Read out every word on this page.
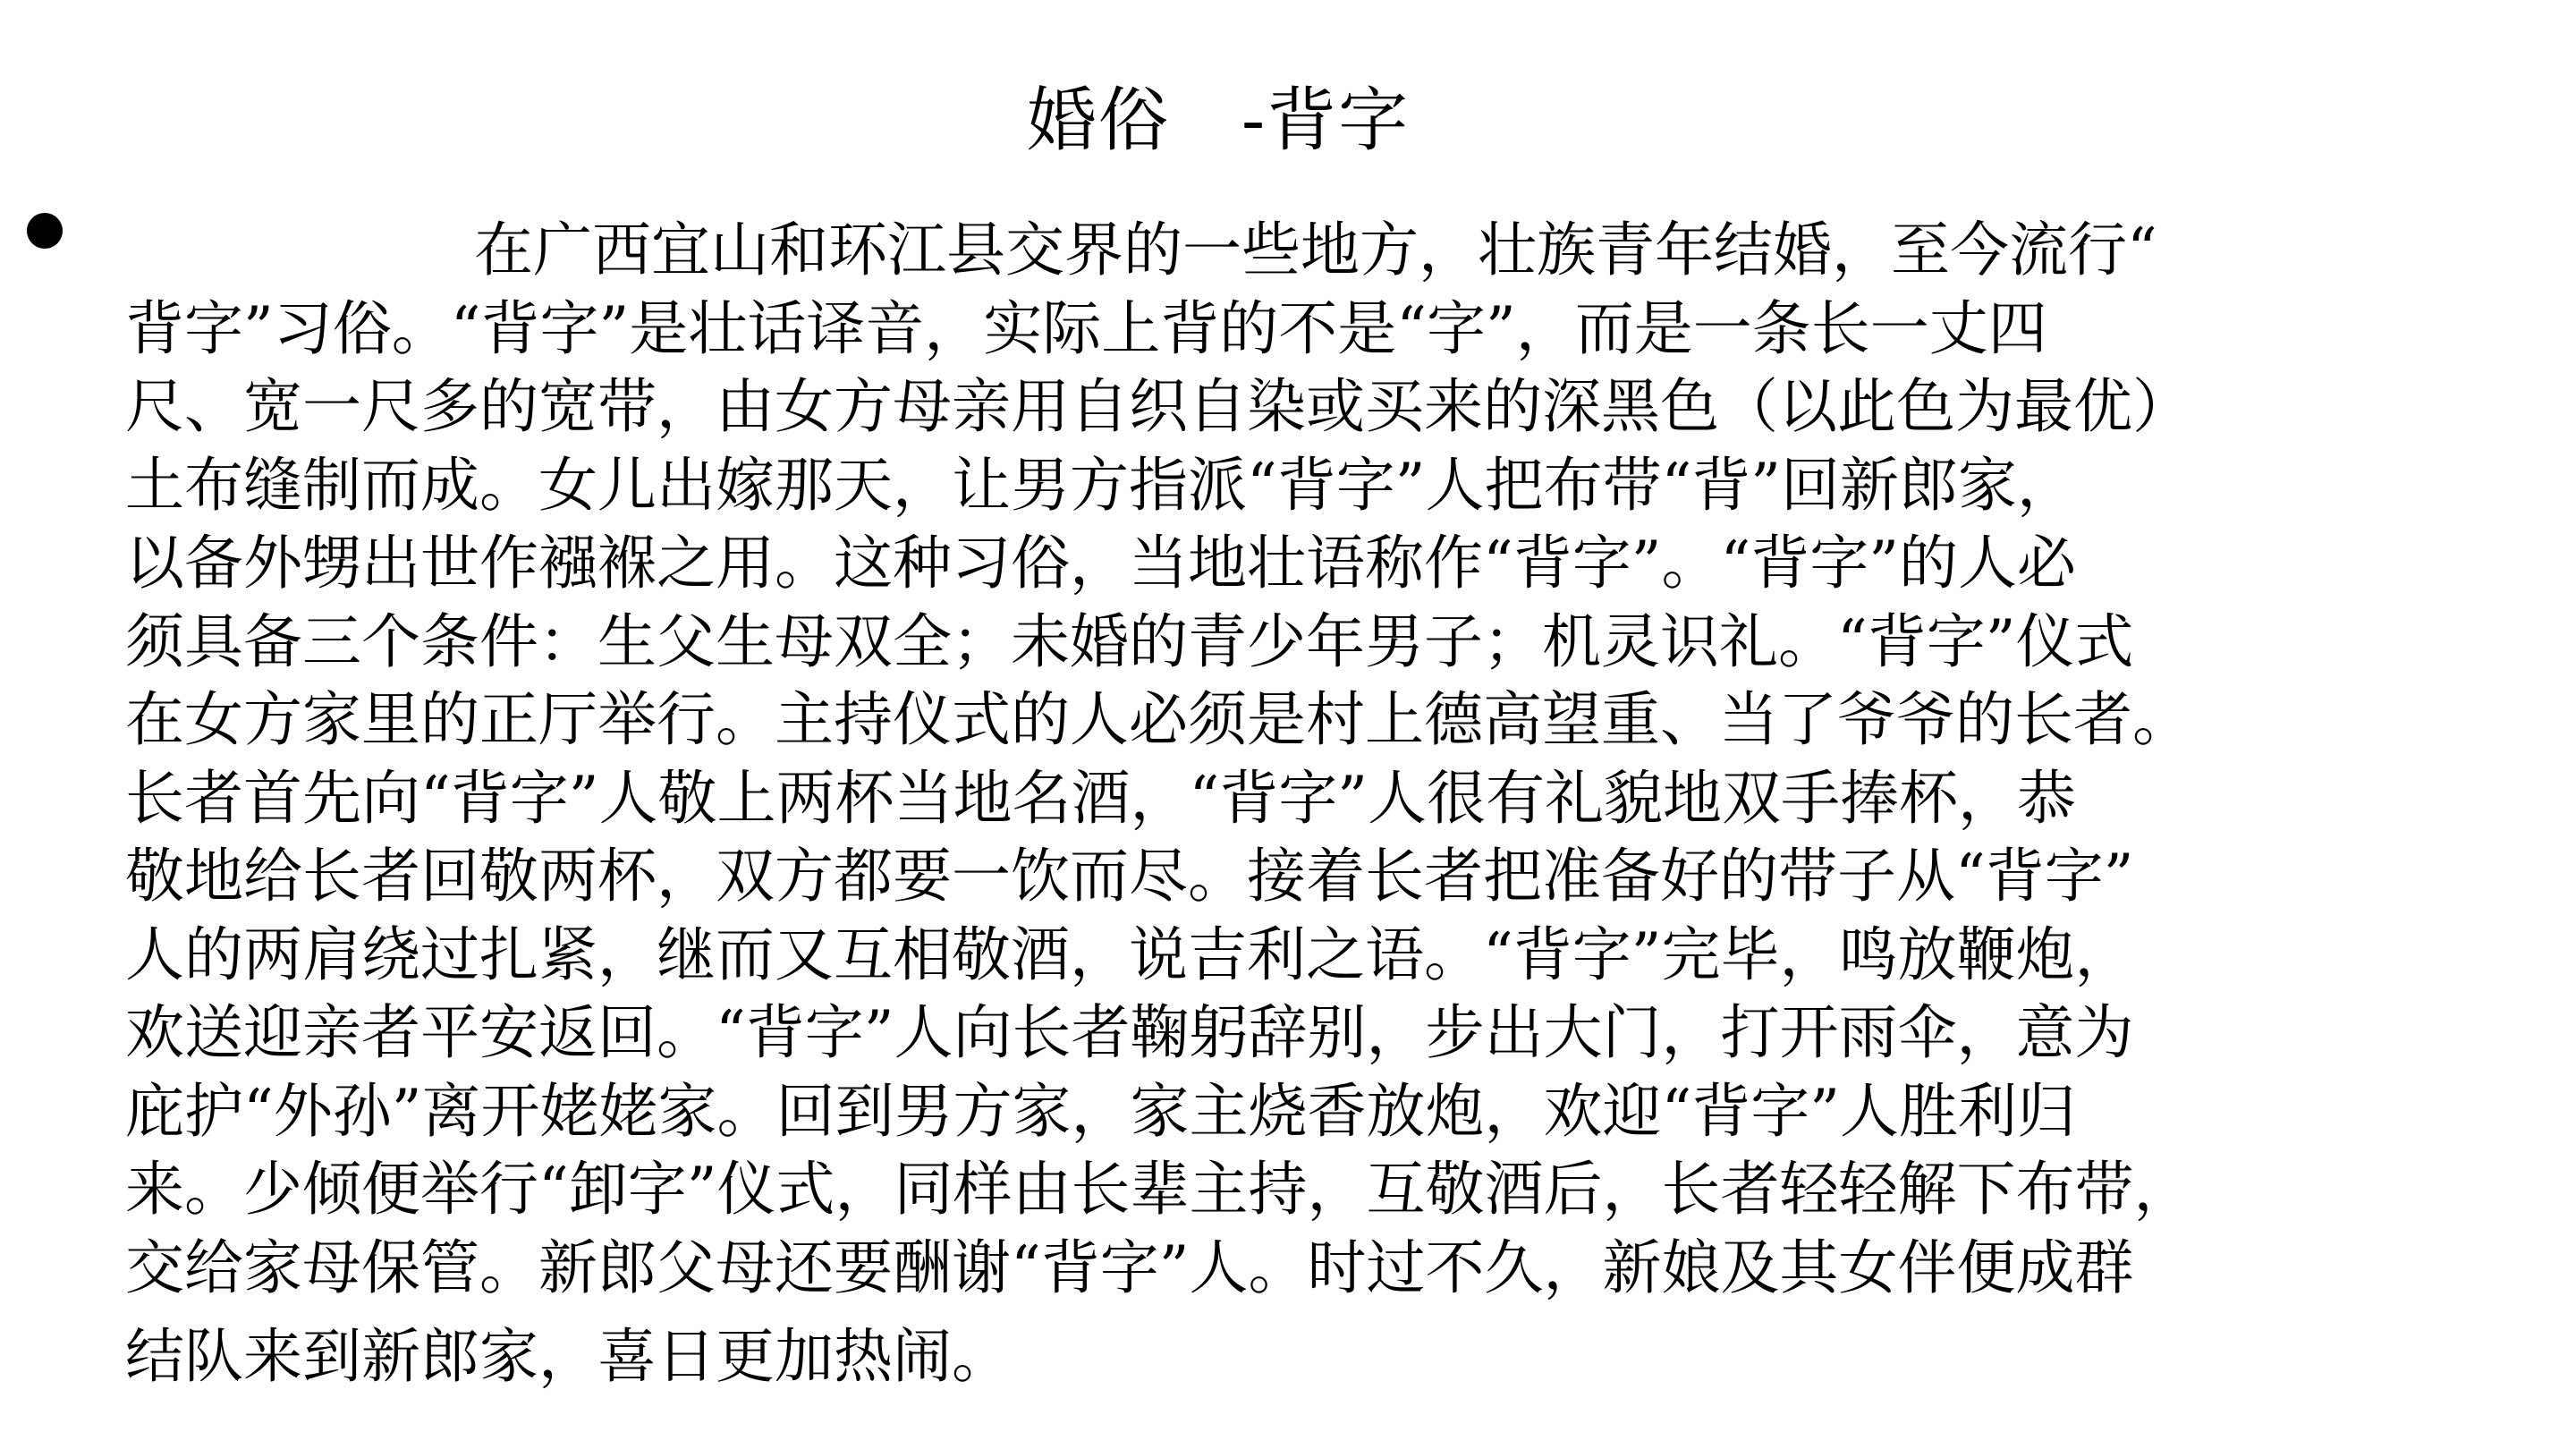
婚俗　-背字
在广西宜山和环江县交界的一些地方，壮族青年结婚，至今流行“
背字”习俗。“背字”是壮话译音，实际上背的不是“字”，而是一条长一丈四
尺、宽一尺多的宽带，由女方母亲用自织自染或买来的深黑色（以此色为最优）
土布缝制而成。女儿出嫁那天，让男方指派“背字”人把布带“背”回新郎家，
以备外甥出世作襁褓之用。这种习俗，当地壮语称作“背字”。“背字”的人必
须具备三个条件：生父生母双全；未婚的青少年男子；机灵识礼。“背字”仪式
在女方家里的正厅举行。主持仪式的人必须是村上德高望重、当了爷爷的长者。
长者首先向“背字”人敬上两杯当地名酒，“背字”人很有礼貌地双手捧杯，恭
敬地给长者回敬两杯，双方都要一饮而尽。接着长者把准备好的带子从“背字”
人的两肩绕过扎紧，继而又互相敬酒，说吉利之语。“背字”完毕，鸣放鞭炮，
欢送迎亲者平安返回。“背字”人向长者鞠躬辞别，步出大门，打开雨伞，意为
庇护“外孙”离开姥姥家。回到男方家，家主烧香放炮，欢迎“背字”人胜利归
来。少倾便举行“卸字”仪式，同样由长辈主持，互敬酒后，长者轻轻解下布带，
交给家母保管。新郎父母还要酬谢“背字”人。时过不久，新娘及其女伴便成群
结队来到新郎家，喜日更加热闹。
